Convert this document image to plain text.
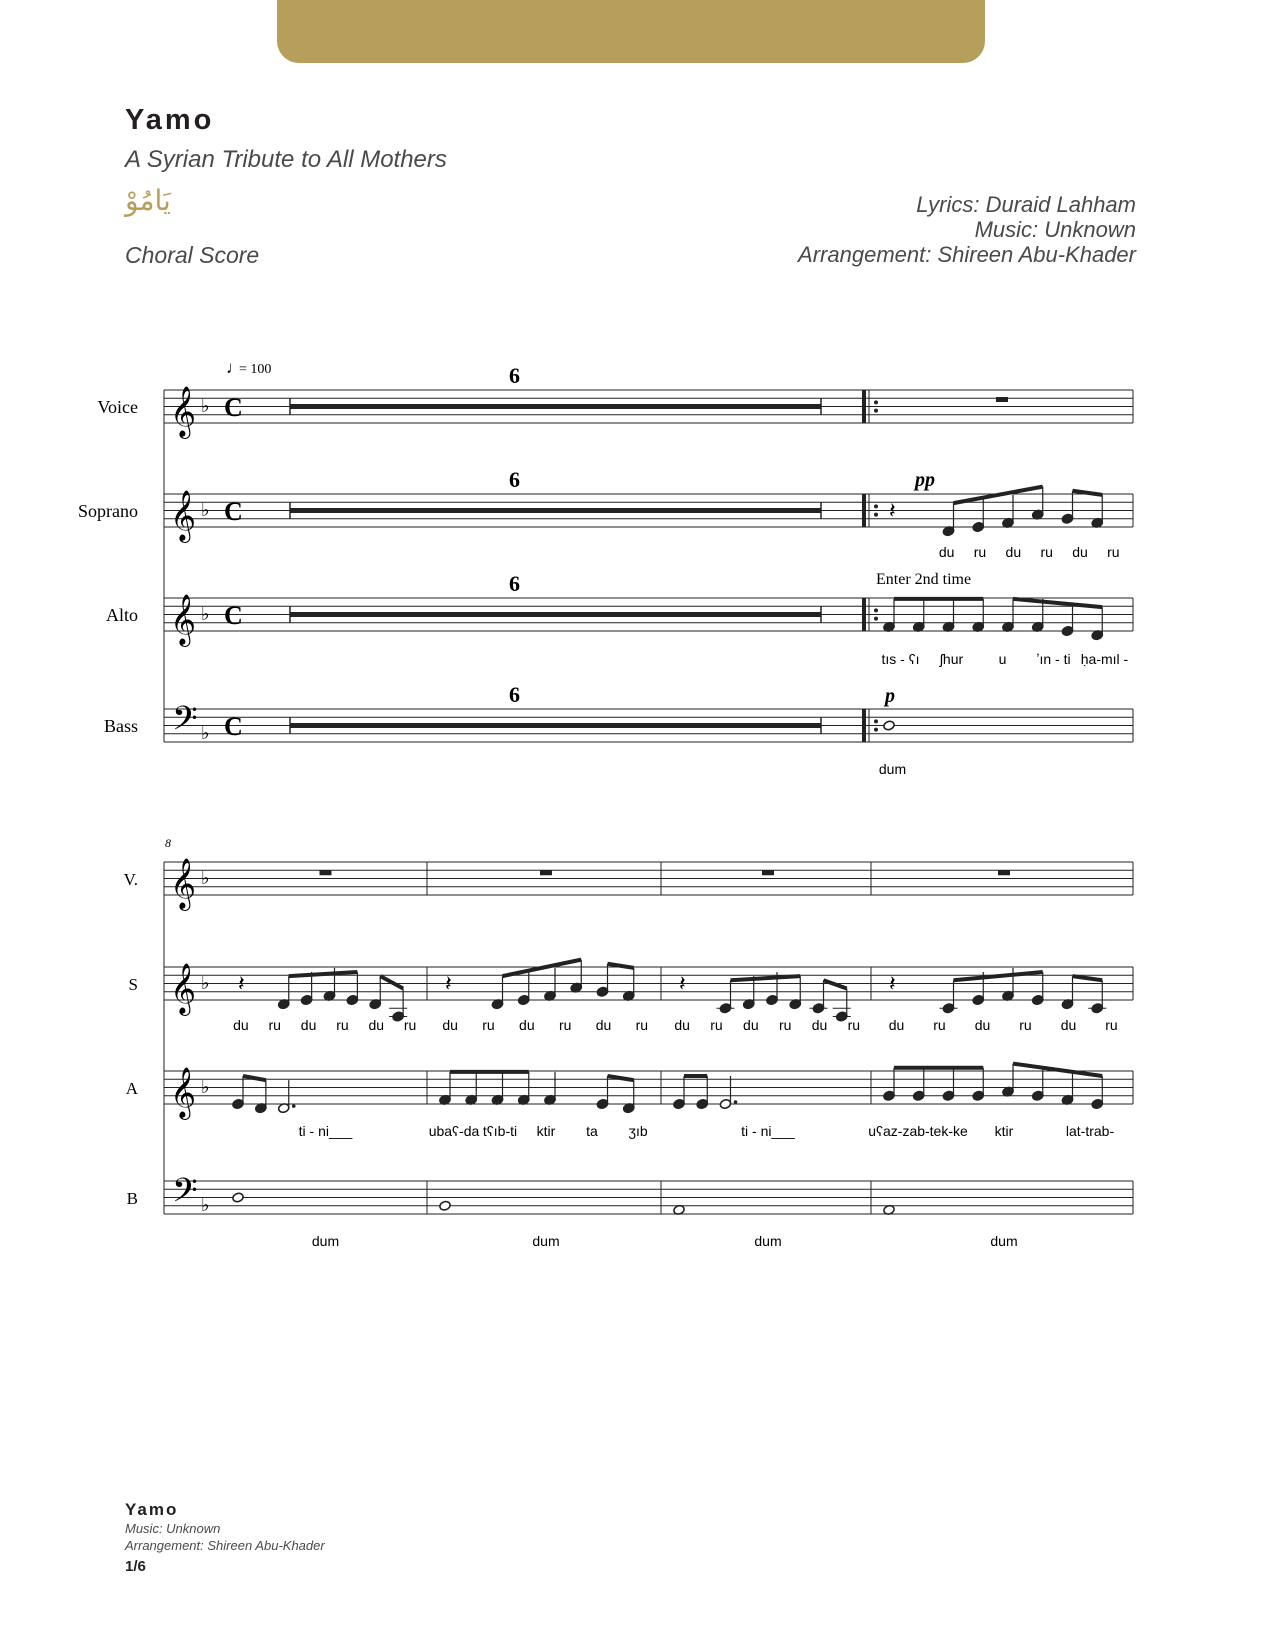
Yamo
A Syrian Tribute to All Mothers
يَامُوْ
Choral Score
Lyrics: Duraid Lahham
Music: Unknown
Arrangement: Shireen Abu-Khader
𝄞 ♭ C
Voice
6
𝄞 ♭ C
Soprano
6
𝄞 ♭ C
Alto
6
𝄢 ♭ C
Bass
6
♩
= 100
𝄽
pp
p
Enter 2nd time
du ru du ru du ru
tıs - ʕı ʃhur	u ʼın - ti ḥa-mıl -
dum
𝄞 ♭
V.
𝄞 ♭
S	𝄽
du ru du ru du ru
𝄽
du ru du ru du ru
𝄽
du ru du ru du ru
𝄽
du ru du ru du ru
𝄞 ♭
A
ti - ni___	ubaʕ-da tʕıb-ti ktir ta ʒıb	ti - ni___	uʕaz-zab-tek-ke ktir	lat-trab-
𝄢 ♭
B
dum	dum	dum	dum
8
Yamo
Music: Unknown
Arrangement: Shireen Abu-Khader
1/6
